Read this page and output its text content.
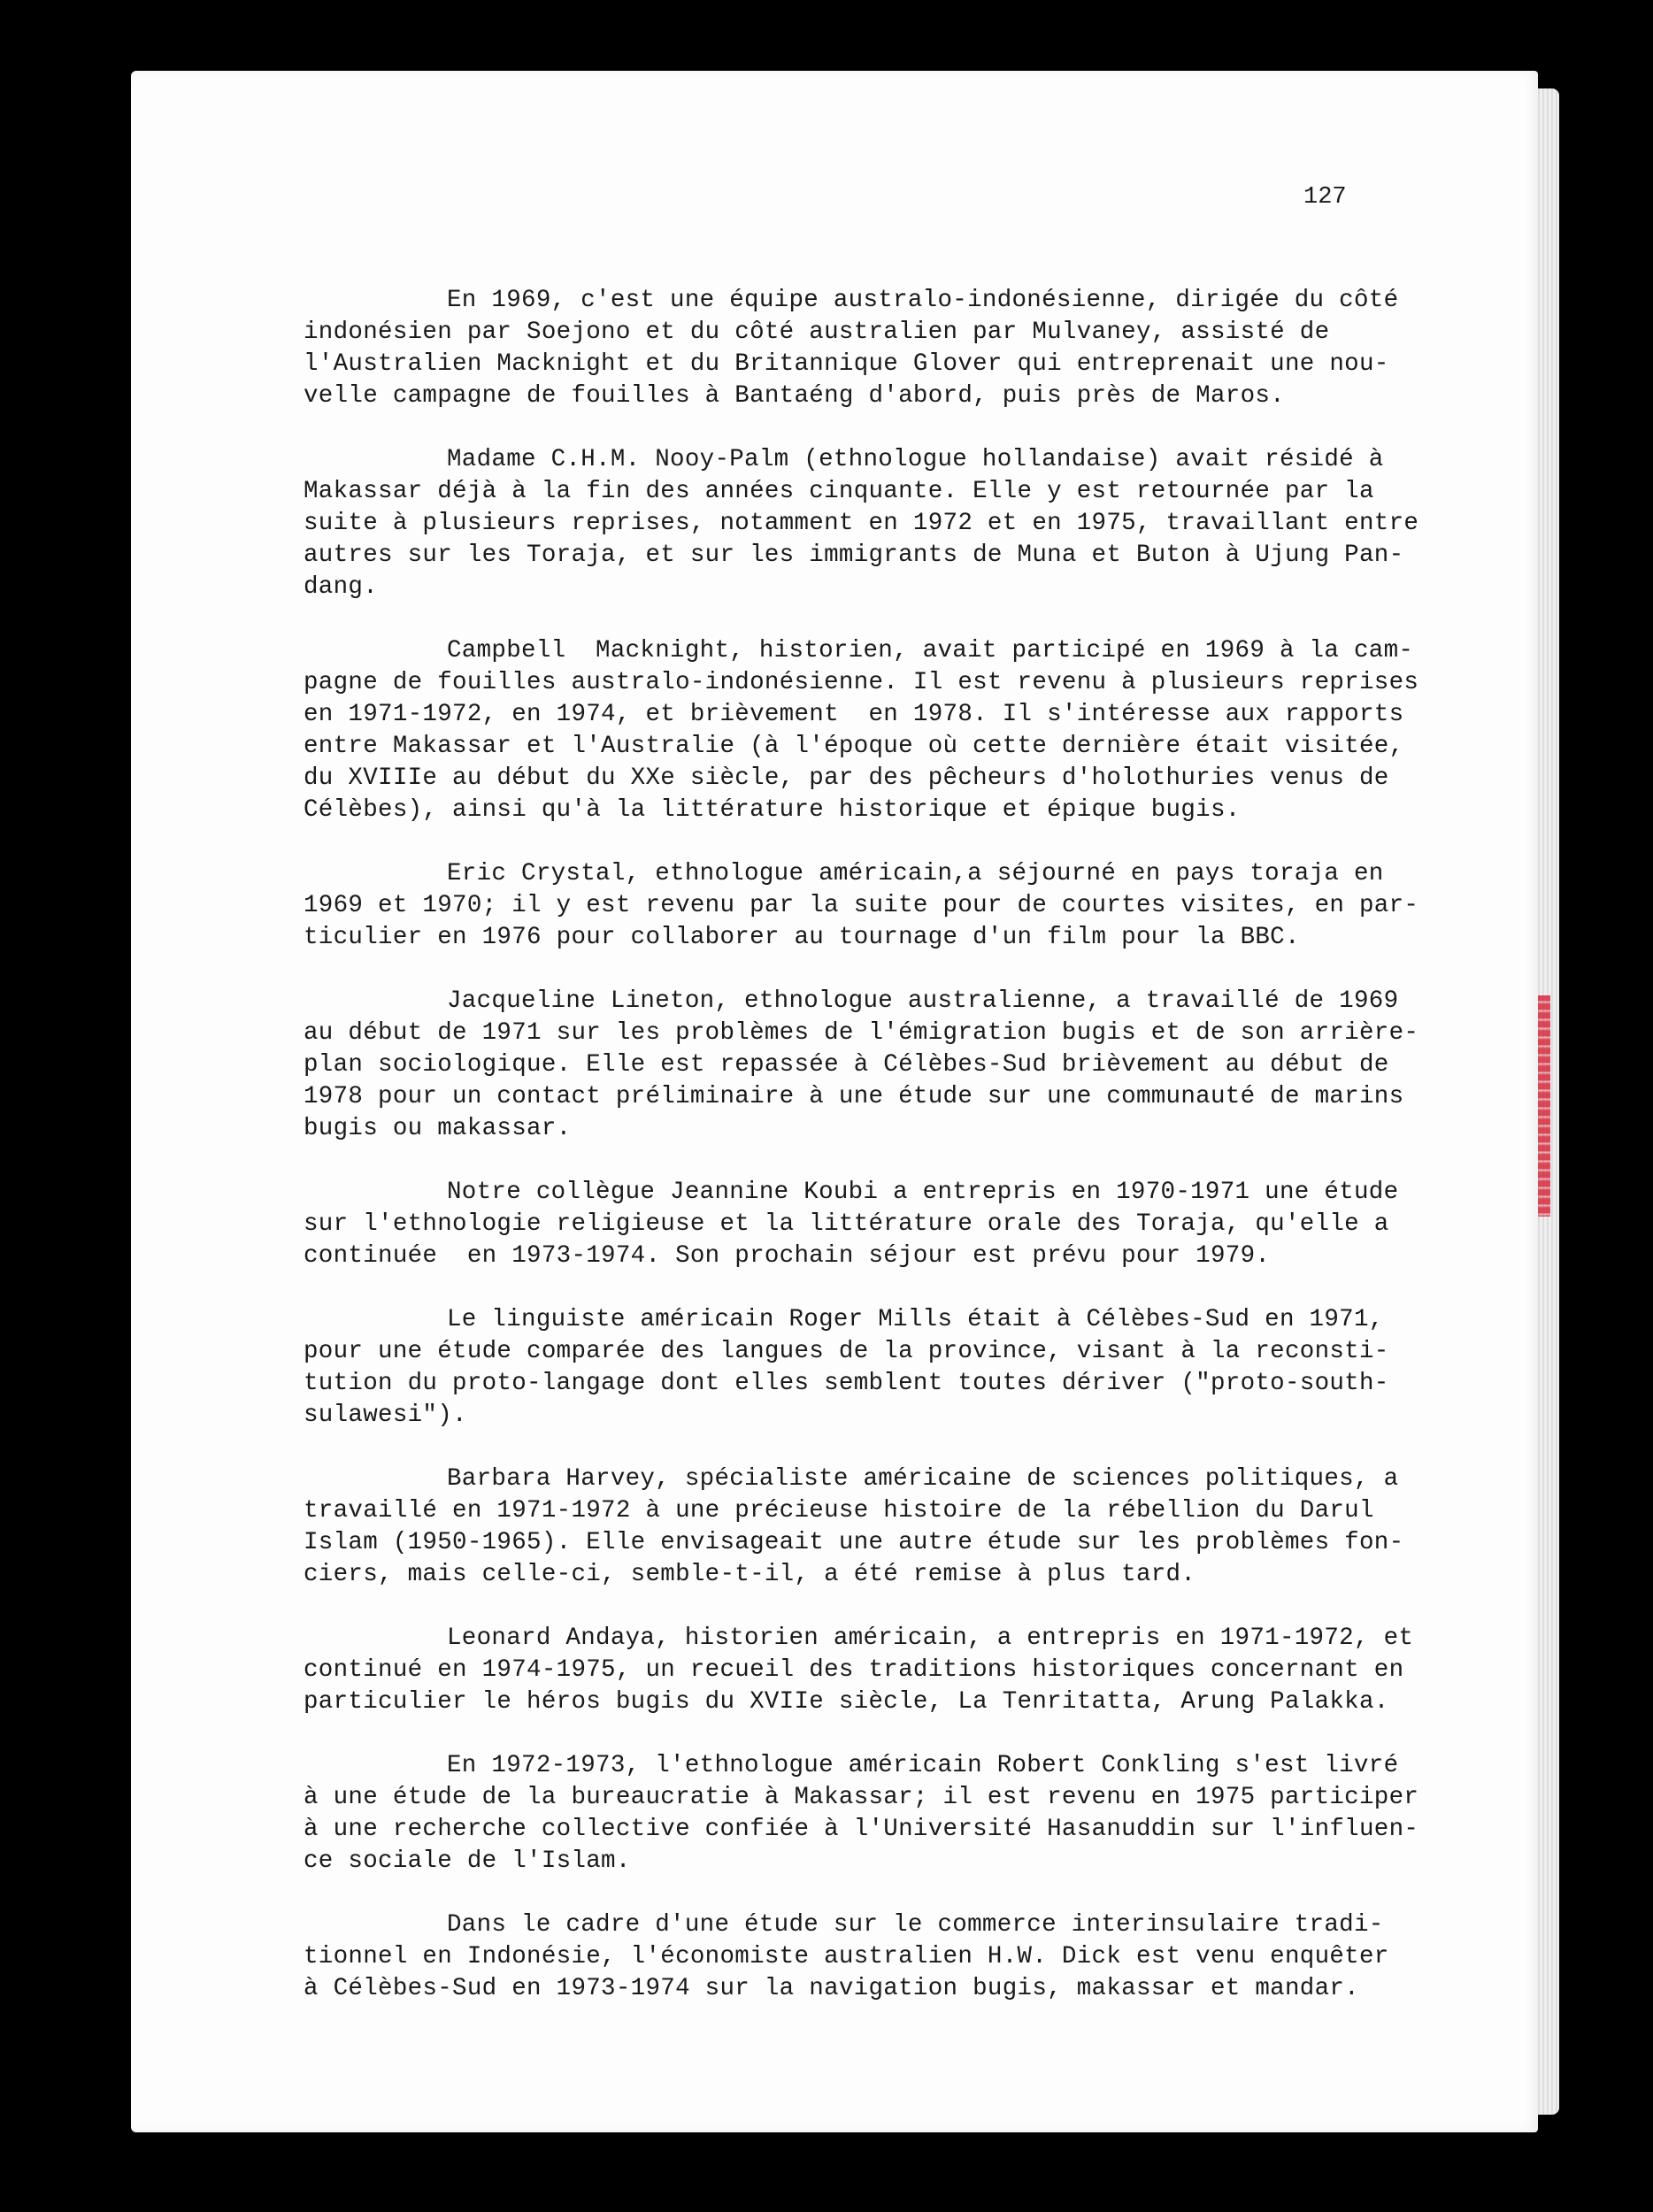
127

En 1969, c'est une équipe australo-indonésienne, dirigée du côté
indonésien par Soejono et du côté australien par Mulvaney, assisté de
l'Australien Macknight et du Britannique Glover qui entreprenait une nou-
velle campagne de fouilles à Bantaéng d'abord, puis près de Maros.

Madame C.H.M. Nooy-Palm (ethnologue hollandaise) avait résidé à
Makassar déjà à la fin des années cinquante. Elle y est retournée par la
suite à plusieurs reprises, notamment en 1972 et en 1975, travaillant entre
autres sur les Toraja, et sur les immigrants de Muna et Buton à Ujung Pan-
dang.

Campbell  Macknight, historien, avait participé en 1969 à la cam-
pagne de fouilles australo-indonésienne. Il est revenu à plusieurs reprises
en 1971-1972, en 1974, et brièvement  en 1978. Il s'intéresse aux rapports
entre Makassar et l'Australie (à l'époque où cette dernière était visitée,
du XVIIIe au début du XXe siècle, par des pêcheurs d'holothuries venus de
Célèbes), ainsi qu'à la littérature historique et épique bugis.

Eric Crystal, ethnologue américain,a séjourné en pays toraja en
1969 et 1970; il y est revenu par la suite pour de courtes visites, en par-
ticulier en 1976 pour collaborer au tournage d'un film pour la BBC.

Jacqueline Lineton, ethnologue australienne, a travaillé de 1969
au début de 1971 sur les problèmes de l'émigration bugis et de son arrière-
plan sociologique. Elle est repassée à Célèbes-Sud brièvement au début de
1978 pour un contact préliminaire à une étude sur une communauté de marins
bugis ou makassar.

Notre collègue Jeannine Koubi a entrepris en 1970-1971 une étude
sur l'ethnologie religieuse et la littérature orale des Toraja, qu'elle a
continuée  en 1973-1974. Son prochain séjour est prévu pour 1979.

Le linguiste américain Roger Mills était à Célèbes-Sud en 1971,
pour une étude comparée des langues de la province, visant à la reconsti-
tution du proto-langage dont elles semblent toutes dériver ("proto-south-
sulawesi").

Barbara Harvey, spécialiste américaine de sciences politiques, a
travaillé en 1971-1972 à une précieuse histoire de la rébellion du Darul
Islam (1950-1965). Elle envisageait une autre étude sur les problèmes fon-
ciers, mais celle-ci, semble-t-il, a été remise à plus tard.

Leonard Andaya, historien américain, a entrepris en 1971-1972, et
continué en 1974-1975, un recueil des traditions historiques concernant en
particulier le héros bugis du XVIIe siècle, La Tenritatta, Arung Palakka.

En 1972-1973, l'ethnologue américain Robert Conkling s'est livré
à une étude de la bureaucratie à Makassar; il est revenu en 1975 participer
à une recherche collective confiée à l'Université Hasanuddin sur l'influen-
ce sociale de l'Islam.

Dans le cadre d'une étude sur le commerce interinsulaire tradi-
tionnel en Indonésie, l'économiste australien H.W. Dick est venu enquêter
à Célèbes-Sud en 1973-1974 sur la navigation bugis, makassar et mandar.
